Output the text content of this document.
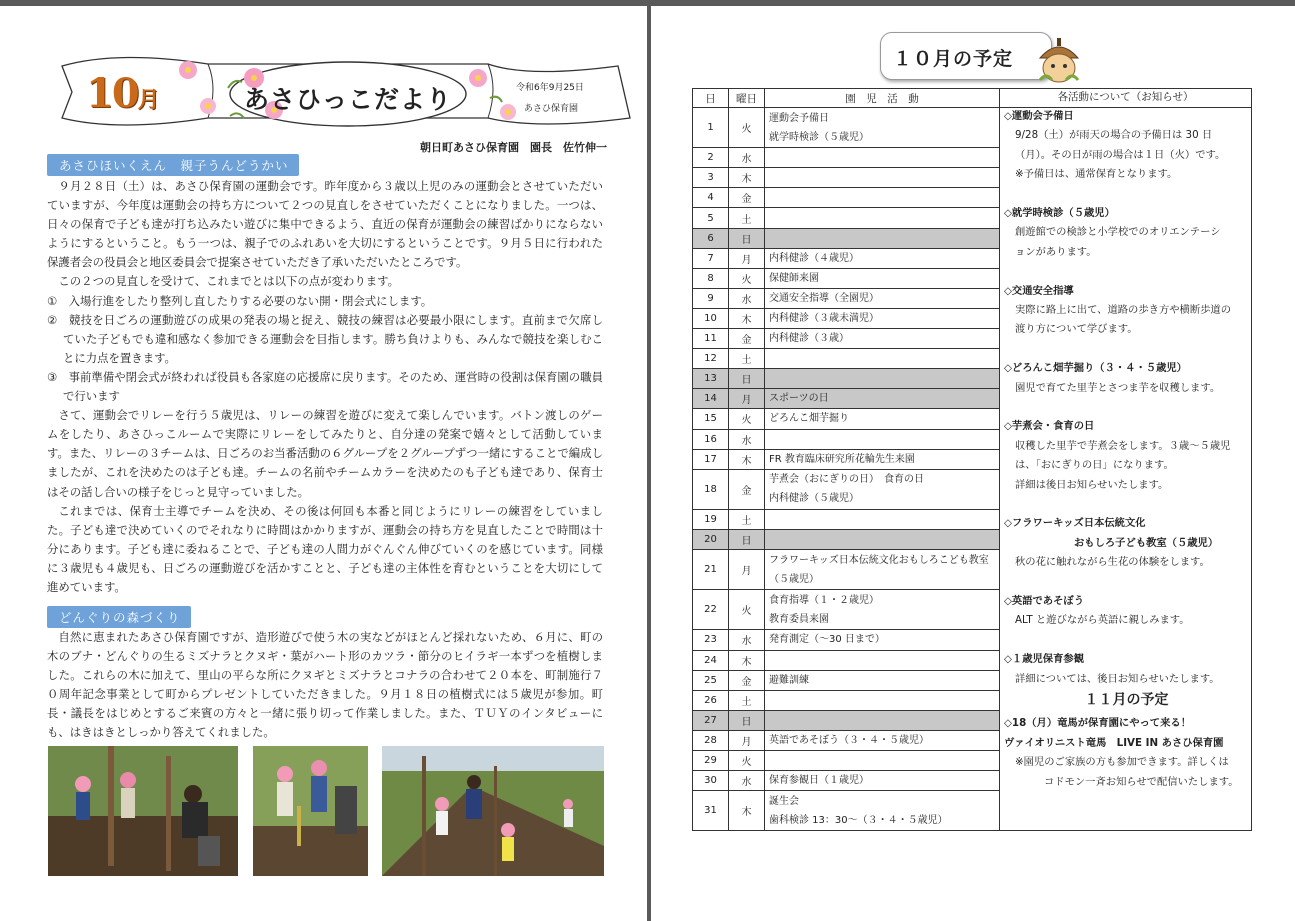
10月	あさひっこだより	令和6年9月25日
あさひ保育園
朝日町あさひ保育園　園長　佐竹伸一
あさひほいくえん　親子うんどうかい

９月２８日（土）は、あさひ保育園の運動会です。昨年度から３歳以上児のみの運動会とさせていただいていますが、今年度は運動会の持ち方について２つの見直しをさせていただくことになりました。一つは、日々の保育で子ども達が打ち込みたい遊びに集中できるよう、直近の保育が運動会の練習ばかりにならないようにするということ。もう一つは、親子でのふれあいを大切にするということです。９月５日に行われた保護者会の役員会と地区委員会で提案させていただき了承いただいたところです。

この２つの見直しを受けて、これまでとは以下の点が変わります。

①　入場行進をしたり整列し直したりする必要のない開・閉会式にします。

②　競技を日ごろの運動遊びの成果の発表の場と捉え、競技の練習は必要最小限にします。直前まで欠席していた子どもでも違和感なく参加できる運動会を目指します。勝ち負けよりも、みんなで競技を楽しむことに力点を置きます。

③　事前準備や閉会式が終われば役員も各家庭の応援席に戻ります。そのため、運営時の役割は保育園の職員で行います

さて、運動会でリレーを行う５歳児は、リレーの練習を遊びに変えて楽しんでいます。バトン渡しのゲームをしたり、あさひっこルームで実際にリレーをしてみたりと、自分達の発案で嬉々として活動しています。また、リレーの３チームは、日ごろのお当番活動の６グループを２グループずつ一緒にすることで編成しましたが、これを決めたのは子ども達。チームの名前やチームカラーを決めたのも子ども達であり、保育士はその話し合いの様子をじっと見守っていました。

これまでは、保育士主導でチームを決め、その後は何回も本番と同じようにリレーの練習をしていました。子ども達で決めていくのでそれなりに時間はかかりますが、運動会の持ち方を見直したことで時間は十分にあります。子ども達に委ねることで、子ども達の人間力がぐんぐん伸びていくのを感じています。同様に３歳児も４歳児も、日ごろの運動遊びを活かすことと、子ども達の主体性を育むということを大切にして進めています。

どんぐりの森づくり

自然に恵まれたあさひ保育園ですが、造形遊びで使う木の実などがほとんど採れないため、６月に、町の木のブナ・どんぐりの生るミズナラとクヌギ・葉がハート形のカツラ・節分のヒイラギ一本ずつを植樹しました。これらの木に加えて、里山の平らな所にクヌギとミズナラとコナラの合わせて２０本を、町制施行７０周年記念事業として町からプレゼントしていただきました。９月１８日の植樹式には５歳児が参加。町長・議長をはじめとするご来賓の方々と一緒に張り切って作業しました。また、ＴＵＹのインタビューにも、はきはきとしっかり答えてくれました。

１０月の予定
日	曜日	園　児　活　動	各活動について（お知らせ）
1	火	運動会予備日
就学時検診（５歳児）	

2	水		
3	木		
4	金		
5	土		
6	日		
7	月	内科健診（４歳児）	

8	火	保健師来園	

9	水	交通安全指導（全園児）	

10	木	内科健診（３歳未満児）	

11	金	内科健診（３歳）	

12	土		
13	日		
14	月	スポーツの日	

15	火	どろんこ畑芋掘り	

16	水		
17	木	FR 教育臨床研究所花輪先生来園	

18	金	芋煮会（おにぎりの日）　食育の日
内科健診（５歳児）	

19	土		
20	日		
21	月	フラワーキッズ日本伝統文化おもしろこども教室
（５歳児）	

22	火	食育指導（１・２歳児）
教育委員来園	

23	水	発育測定（～30 日まで）	

24	木		
25	金	避難訓練	

26	土		
27	日		
28	月	英語であそぼう（３・４・５歳児）	

29	火		
30	水	保育参観日（１歳児）	

31	木	誕生会
歯科検診 13：30～（３・４・５歳児）	
◇運動会予備日
9/28（土）が雨天の場合の予備日は 30 日
（月）。その日が雨の場合は１日（火）です。
※予備日は、通常保育となります。
◇就学時検診（５歳児）
創遊館での検診と小学校でのオリエンテーシ
ョンがあります。
◇交通安全指導
実際に路上に出て、道路の歩き方や横断歩道の
渡り方について学びます。
◇どろんこ畑芋掘り（３・４・５歳児）
園児で育てた里芋とさつま芋を収穫します。
◇芋煮会・食育の日
収穫した里芋で芋煮会をします。３歳～５歳児
は、「おにぎりの日」になります。
詳細は後日お知らせいたします。
◇フラワーキッズ日本伝統文化
おもしろ子ども教室（５歳児）
秋の花に触れながら生花の体験をします。
◇英語であそぼう
ALT と遊びながら英語に親しみます。
◇１歳児保育参観
詳細については、後日お知らせいたします。
１１月の予定
◇18（月）竜馬が保育園にやって来る！
ヴァイオリニスト竜馬　LIVE IN あさひ保育園
※園児のご家族の方も参加できます。詳しくは
コドモン一斉お知らせで配信いたします。
